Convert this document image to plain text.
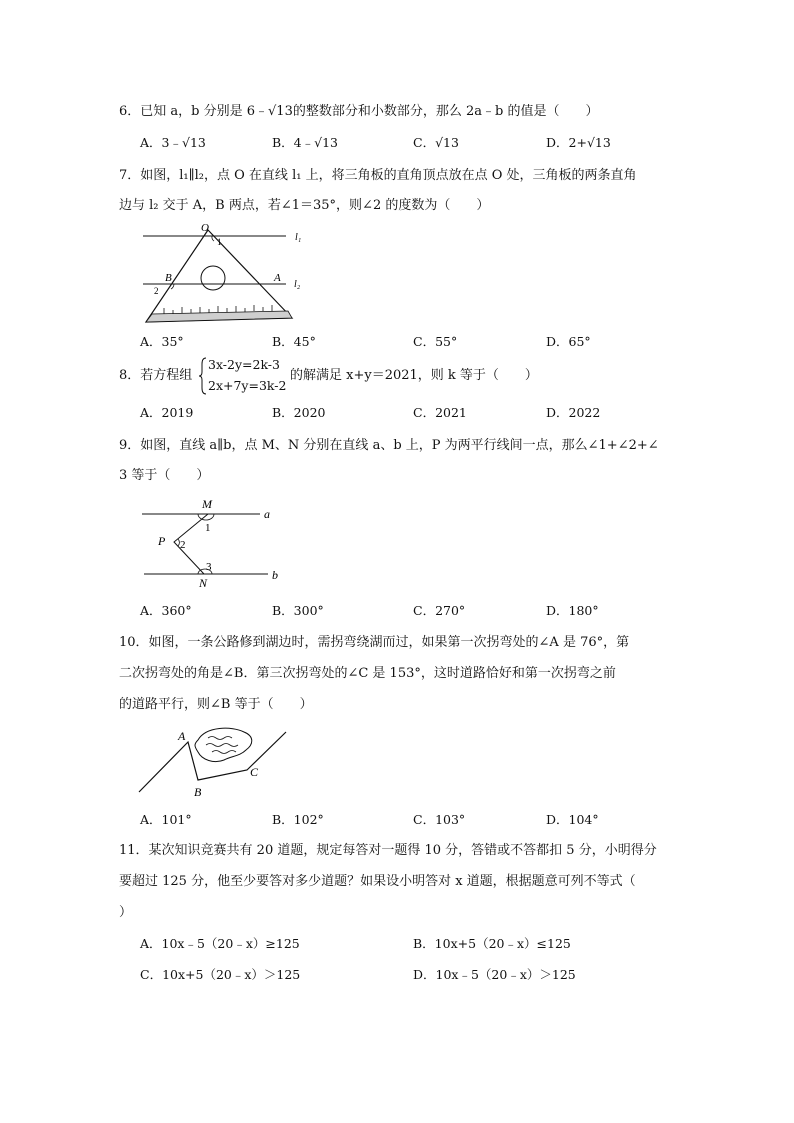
6．已知 a，b 分别是 6﹣√13的整数部分和小数部分，那么 2a﹣b 的值是（　　）
A．3﹣√13	B．4﹣√13	C．√13	D．2+√13
7．如图，l₁∥l₂，点 O 在直线 l₁ 上，将三角板的直角顶点放在点 O 处，三角板的两条直角
边与 l₂ 交于 A，B 两点，若∠1＝35°，则∠2 的度数为（　　）
O
1	l₁
B	A
2
l₂
A．35°	B．45°	C．55°	D．65°
8．若方程组
3x-2y=2k-3
2x+7y=3k-2
的解满足 x+y＝2021，则 k 等于（　　）
A．2019	B．2020	C．2021	D．2022
9．如图，直线 a∥b，点 M、N 分别在直线 a、b 上，P 为两平行线间一点，那么∠1+∠2+∠
3 等于（　　）
M
a
1
P 2
3
N
b
A．360°	B．300°	C．270°	D．180°
10．如图，一条公路修到湖边时，需拐弯绕湖而过，如果第一次拐弯处的∠A 是 76°，第
二次拐弯处的角是∠B．第三次拐弯处的∠C 是 153°，这时道路恰好和第一次拐弯之前
的道路平行，则∠B 等于（　　）
A
B
C
A．101°	B．102°	C．103°	D．104°
11．某次知识竞赛共有 20 道题，规定每答对一题得 10 分，答错或不答都扣 5 分，小明得分
要超过 125 分，他至少要答对多少道题？如果设小明答对 x 道题，根据题意可列不等式（
）
A．10x﹣5（20﹣x）≥125	B．10x+5（20﹣x）≤125
C．10x+5（20﹣x）＞125	D．10x﹣5（20﹣x）＞125
